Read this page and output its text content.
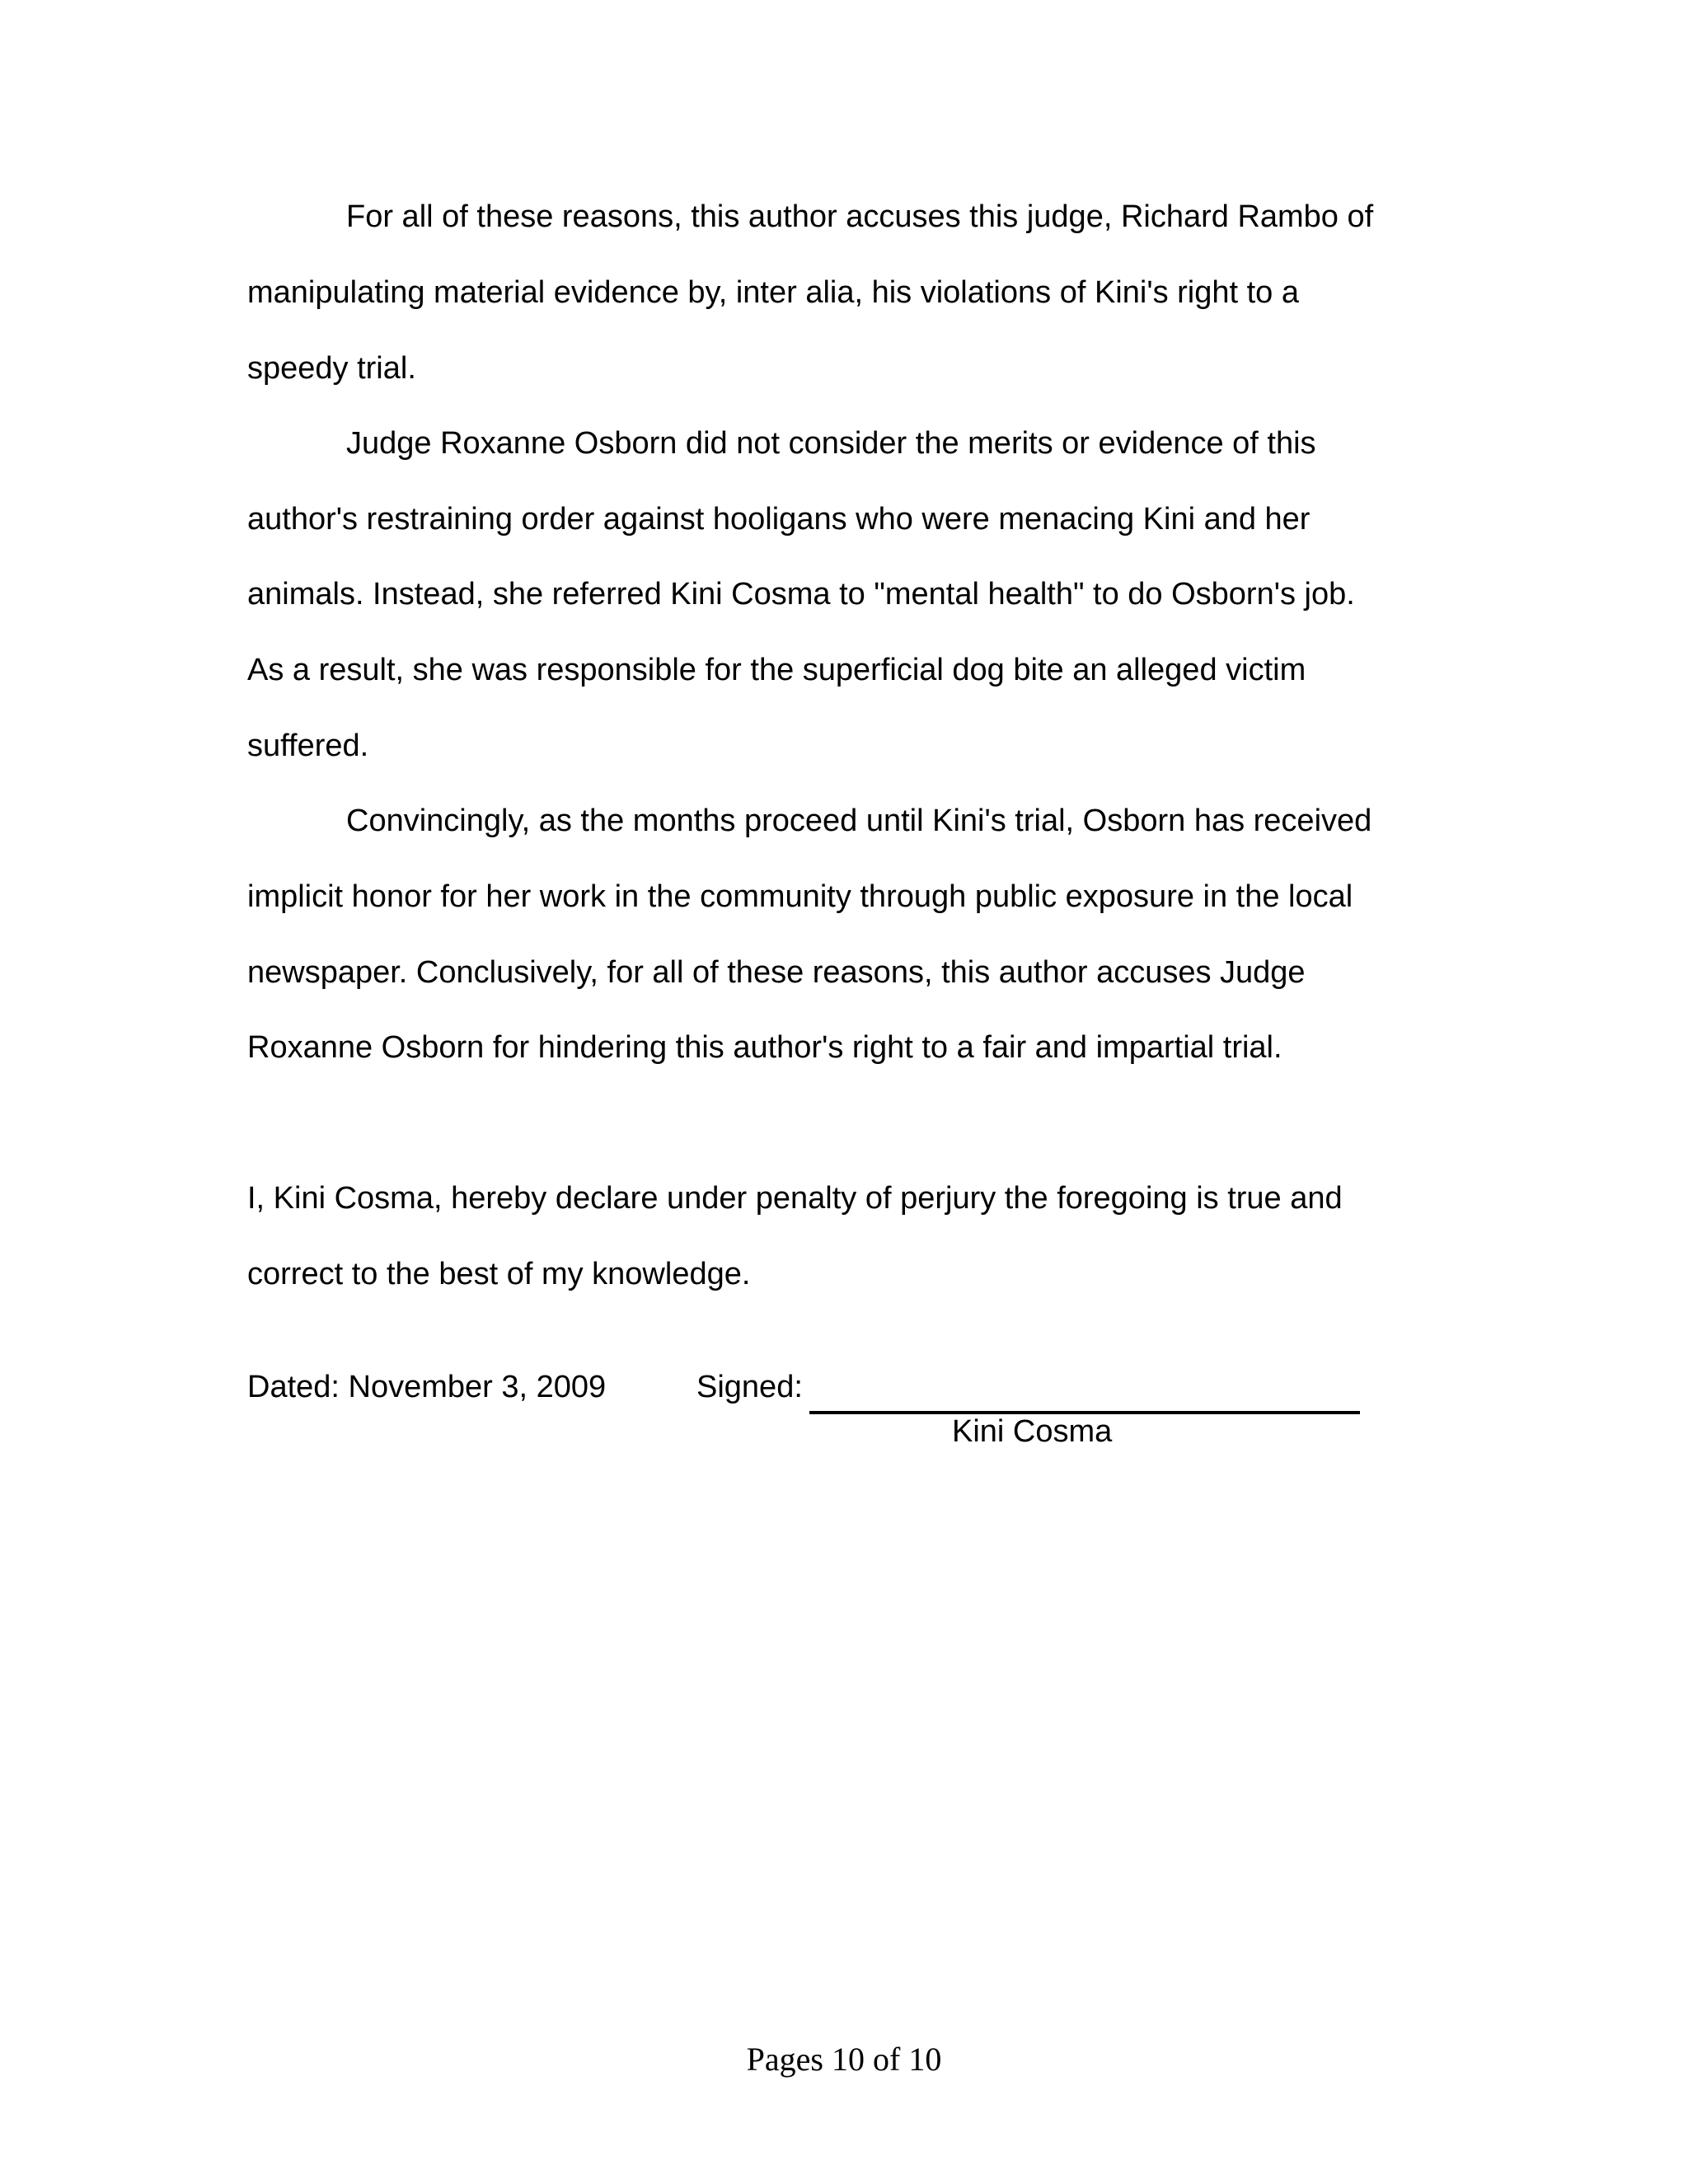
For all of these reasons, this author accuses this judge, Richard Rambo of
manipulating material evidence by, inter alia, his violations of Kini's right to a
speedy trial.
Judge Roxanne Osborn did not consider the merits or evidence of this
author's restraining order against hooligans who were menacing Kini and her
animals. Instead, she referred Kini Cosma to "mental health" to do Osborn's job.
As a result, she was responsible for the superficial dog bite an alleged victim
suffered.
Convincingly, as the months proceed until Kini's trial, Osborn has received
implicit honor for her work in the community through public exposure in the local
newspaper. Conclusively, for all of these reasons, this author accuses Judge
Roxanne Osborn for hindering this author's right to a fair and impartial trial.
I, Kini Cosma, hereby declare under penalty of perjury the foregoing is true and
correct to the best of my knowledge.
Dated: November 3, 2009	Signed:
Kini Cosma
Pages 10 of 10
